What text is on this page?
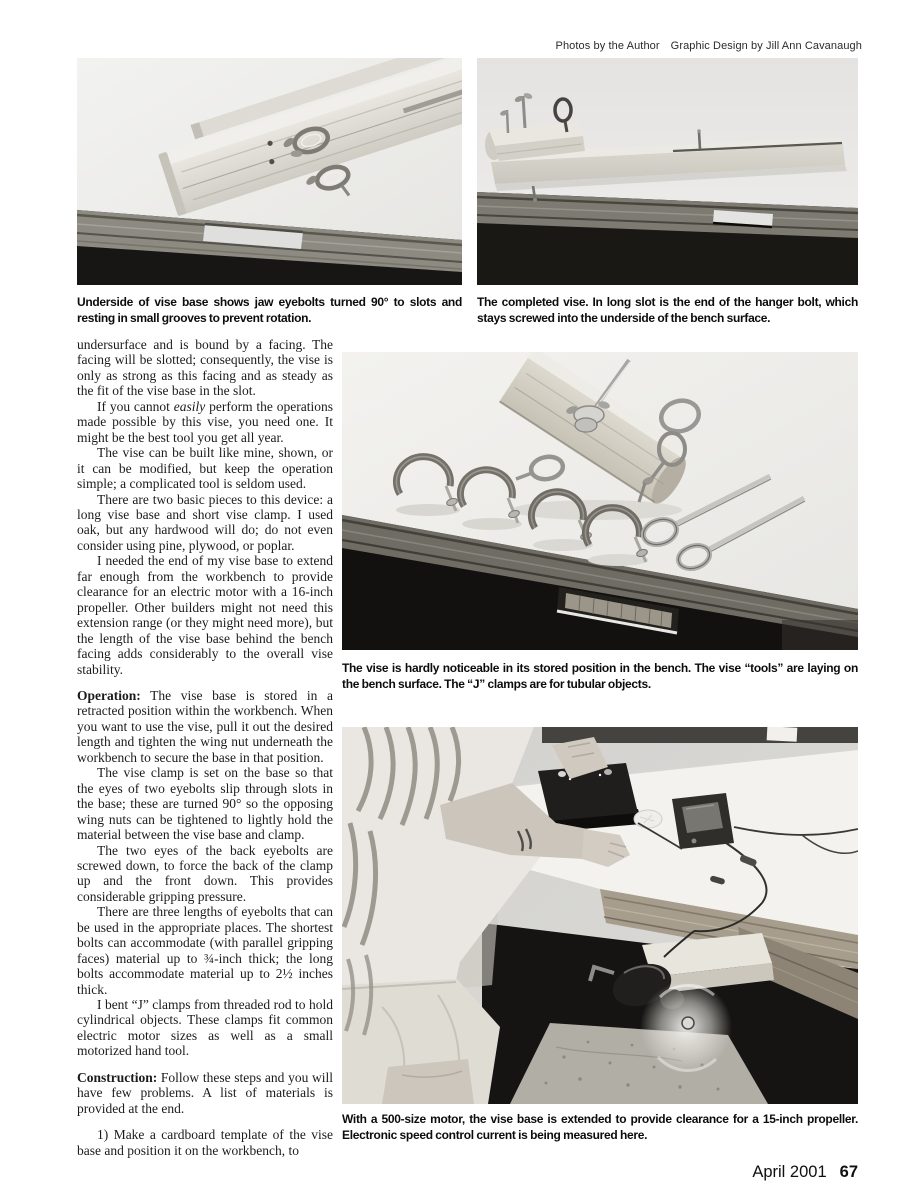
Photos by the Author Graphic Design by Jill Ann Cavanaugh
Underside of vise base shows jaw eyebolts turned 90° to slots and resting in small grooves to prevent rotation.
The completed vise. In long slot is the end of the hanger bolt, which stays screwed into the underside of the bench surface.

undersurface and is bound by a facing. The facing will be slotted; consequently, the vise is only as strong as this facing and as steady as the fit of the vise base in the slot.

If you cannot easily perform the operations made possible by this vise, you need one. It might be the best tool you get all year.

The vise can be built like mine, shown, or it can be modified, but keep the operation simple; a complicated tool is seldom used.

There are two basic pieces to this device: a long vise base and short vise clamp. I used oak, but any hardwood will do; do not even consider using pine, plywood, or poplar.

I needed the end of my vise base to extend far enough from the workbench to provide clearance for an electric motor with a 16-inch propeller. Other builders might not need this extension range (or they might need more), but the length of the vise base behind the bench facing adds considerably to the overall vise stability.

Operation: The vise base is stored in a retracted position within the workbench. When you want to use the vise, pull it out the desired length and tighten the wing nut underneath the workbench to secure the base in that position.

The vise clamp is set on the base so that the eyes of two eyebolts slip through slots in the base; these are turned 90° so the opposing wing nuts can be tightened to lightly hold the material between the vise base and clamp.

The two eyes of the back eyebolts are screwed down, to force the back of the clamp up and the front down. This provides considerable gripping pressure.

There are three lengths of eyebolts that can be used in the appropriate places. The shortest bolts can accommodate (with parallel gripping faces) material up to ¾-inch thick; the long bolts accommodate material up to 2½ inches thick.

I bent “J” clamps from threaded rod to hold cylindrical objects. These clamps fit common electric motor sizes as well as a small motorized hand tool.

Construction: Follow these steps and you will have few problems. A list of materials is provided at the end.

1) Make a cardboard template of the vise base and position it on the workbench, to

The vise is hardly noticeable in its stored position in the bench. The vise “tools” are laying on the bench surface. The “J” clamps are for tubular objects.
With a 500-size motor, the vise base is extended to provide clearance for a 15-inch propeller. Electronic speed control current is being measured here.
April 2001 67
